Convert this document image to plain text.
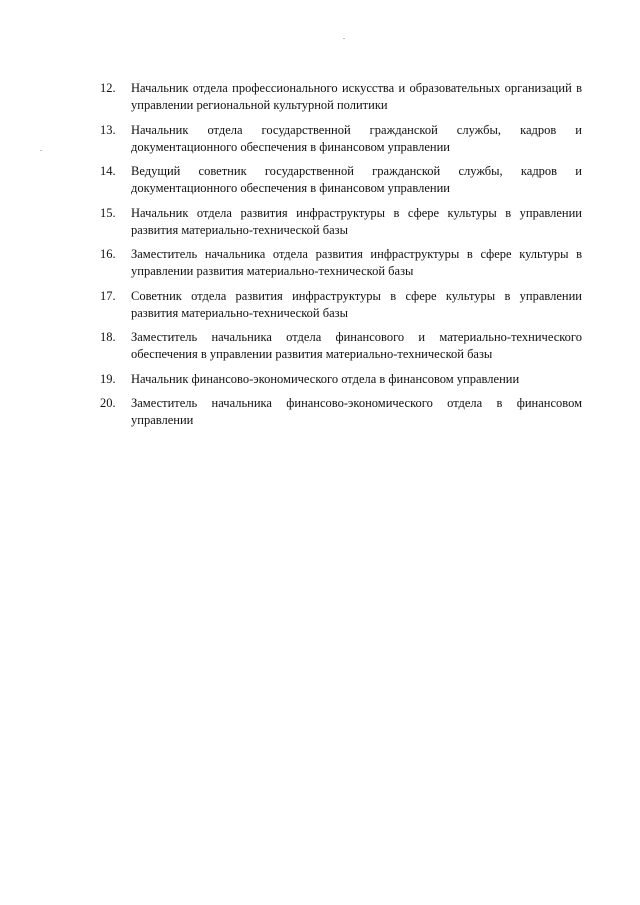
12.	Начальник отдела профессионального искусства и образовательных организаций в управлении региональной культурной политики
13.	Начальник отдела государственной гражданской службы, кадров и документационного обеспечения в финансовом управлении
14.	Ведущий советник государственной гражданской службы, кадров и документационного обеспечения в финансовом управлении
15.	Начальник отдела развития инфраструктуры в сфере культуры в управлении развития материально-технической базы
16.	Заместитель начальника отдела развития инфраструктуры в сфере культуры в управлении развития материально-технической базы
17.	Советник отдела развития инфраструктуры в сфере культуры в управлении развития материально-технической базы
18.	Заместитель начальника отдела финансового и материально-технического обеспечения в управлении развития материально-технической базы
19.	Начальник финансово-экономического отдела в финансовом управлении
20.	Заместитель начальника финансово-экономического отдела в финансовом управлении
